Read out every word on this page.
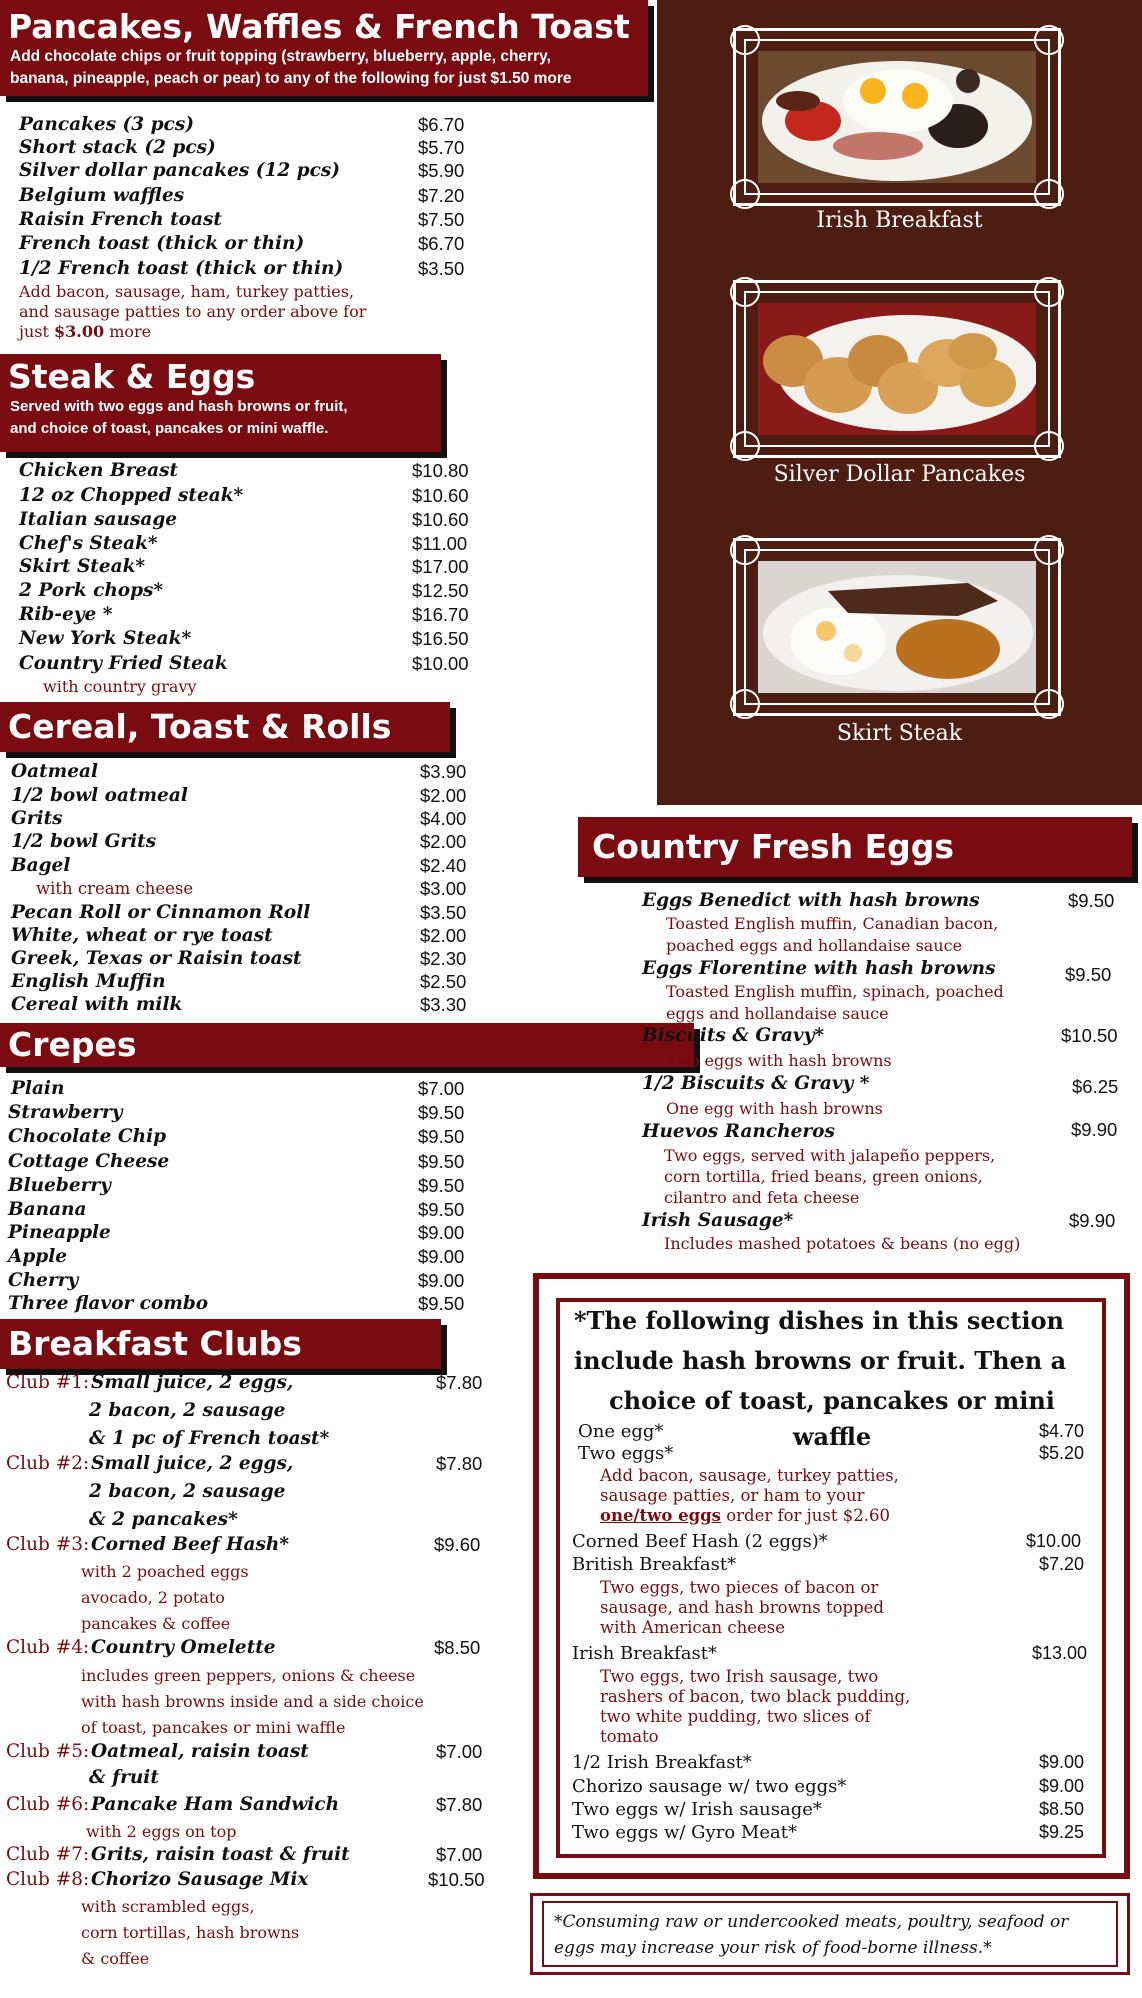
Pancakes, Waffles & French Toast
Add chocolate chips or fruit topping (strawberry, blueberry, apple, cherry,
banana, pineapple, peach or pear) to any of the following for just $1.50 more
Pancakes (3 pcs)	$6.70
Short stack (2 pcs)	$5.70
Silver dollar pancakes (12 pcs)	$5.90
Belgium waffles	$7.20
Raisin French toast	$7.50
French toast (thick or thin)	$6.70
1/2 French toast (thick or thin)	$3.50
Add bacon, sausage, ham, turkey patties,
and sausage patties to any order above for
just $3.00 more
Steak & Eggs
Served with two eggs and hash browns or fruit,
and choice of toast, pancakes or mini waffle.
Chicken Breast	$10.80
12 oz Chopped steak*	$10.60
Italian sausage	$10.60
Chef's Steak*	$11.00
Skirt Steak*	$17.00
2 Pork chops*	$12.50
Rib-eye *	$16.70
New York Steak*	$16.50
Country Fried Steak	$10.00
with country gravy
Cereal, Toast & Rolls
Oatmeal	$3.90
1/2 bowl oatmeal	$2.00
Grits	$4.00
1/2 bowl Grits	$2.00
Bagel	$2.40
with cream cheese	$3.00
Pecan Roll or Cinnamon Roll	$3.50
White, wheat or rye toast	$2.00
Greek, Texas or Raisin toast	$2.30
English Muffin	$2.50
Cereal with milk	$3.30
Crepes
Plain	$7.00
Strawberry	$9.50
Chocolate Chip	$9.50
Cottage Cheese	$9.50
Blueberry	$9.50
Banana	$9.50
Pineapple	$9.00
Apple	$9.00
Cherry	$9.00
Three flavor combo	$9.50
Breakfast Clubs
Club #1: Small juice, 2 eggs,
2 bacon, 2 sausage
& 1 pc of French toast*
$7.80
Club #2: Small juice, 2 eggs,
2 bacon, 2 sausage
& 2 pancakes*
$7.80
Club #3: Corned Beef Hash*
with 2 poached eggs
avocado, 2 potato
pancakes & coffee
$9.60
Club #4: Country Omelette
includes green peppers, onions & cheese
with hash browns inside and a side choice
of toast, pancakes or mini waffle
$8.50
Club #5: Oatmeal, raisin toast
& fruit
$7.00
Club #6: Pancake Ham Sandwich
with 2 eggs on top
$7.80
Club #7: Grits, raisin toast & fruit	$7.00
Club #8: Chorizo Sausage Mix
with scrambled eggs,
corn tortillas, hash browns
& coffee
$10.50
Irish Breakfast
Silver Dollar Pancakes
Skirt Steak
Country Fresh Eggs
Eggs Benedict with hash browns	$9.50
Toasted English muffin, Canadian bacon,
poached eggs and hollandaise sauce
Eggs Florentine with hash browns	$9.50
Toasted English muffin, spinach, poached
eggs and hollandaise sauce
Biscuits & Gravy*	$10.50
Two eggs with hash browns
1/2 Biscuits & Gravy *	$6.25
One egg with hash browns
Huevos Rancheros	$9.90
Two eggs, served with jalapeño peppers,
corn tortilla, fried beans, green onions,
cilantro and feta cheese
Irish Sausage*	$9.90
Includes mashed potatoes & beans (no egg)
*The following dishes in this section
include hash browns or fruit. Then a
choice of toast, pancakes or mini waffle
One egg*	$4.70
Two eggs*	$5.20
Add bacon, sausage, turkey patties,
sausage patties, or ham to your
one/two eggs order for just $2.60
Corned Beef Hash (2 eggs)*	$10.00
British Breakfast*	$7.20
Two eggs, two pieces of bacon or
sausage, and hash browns topped
with American cheese
Irish Breakfast*	$13.00
Two eggs, two Irish sausage, two
rashers of bacon, two black pudding,
two white pudding, two slices of
tomato
1/2 Irish Breakfast*	$9.00
Chorizo sausage w/ two eggs*	$9.00
Two eggs w/ Irish sausage*	$8.50
Two eggs w/ Gyro Meat*	$9.25
*Consuming raw or undercooked meats, poultry, seafood or
eggs may increase your risk of food-borne illness.*
